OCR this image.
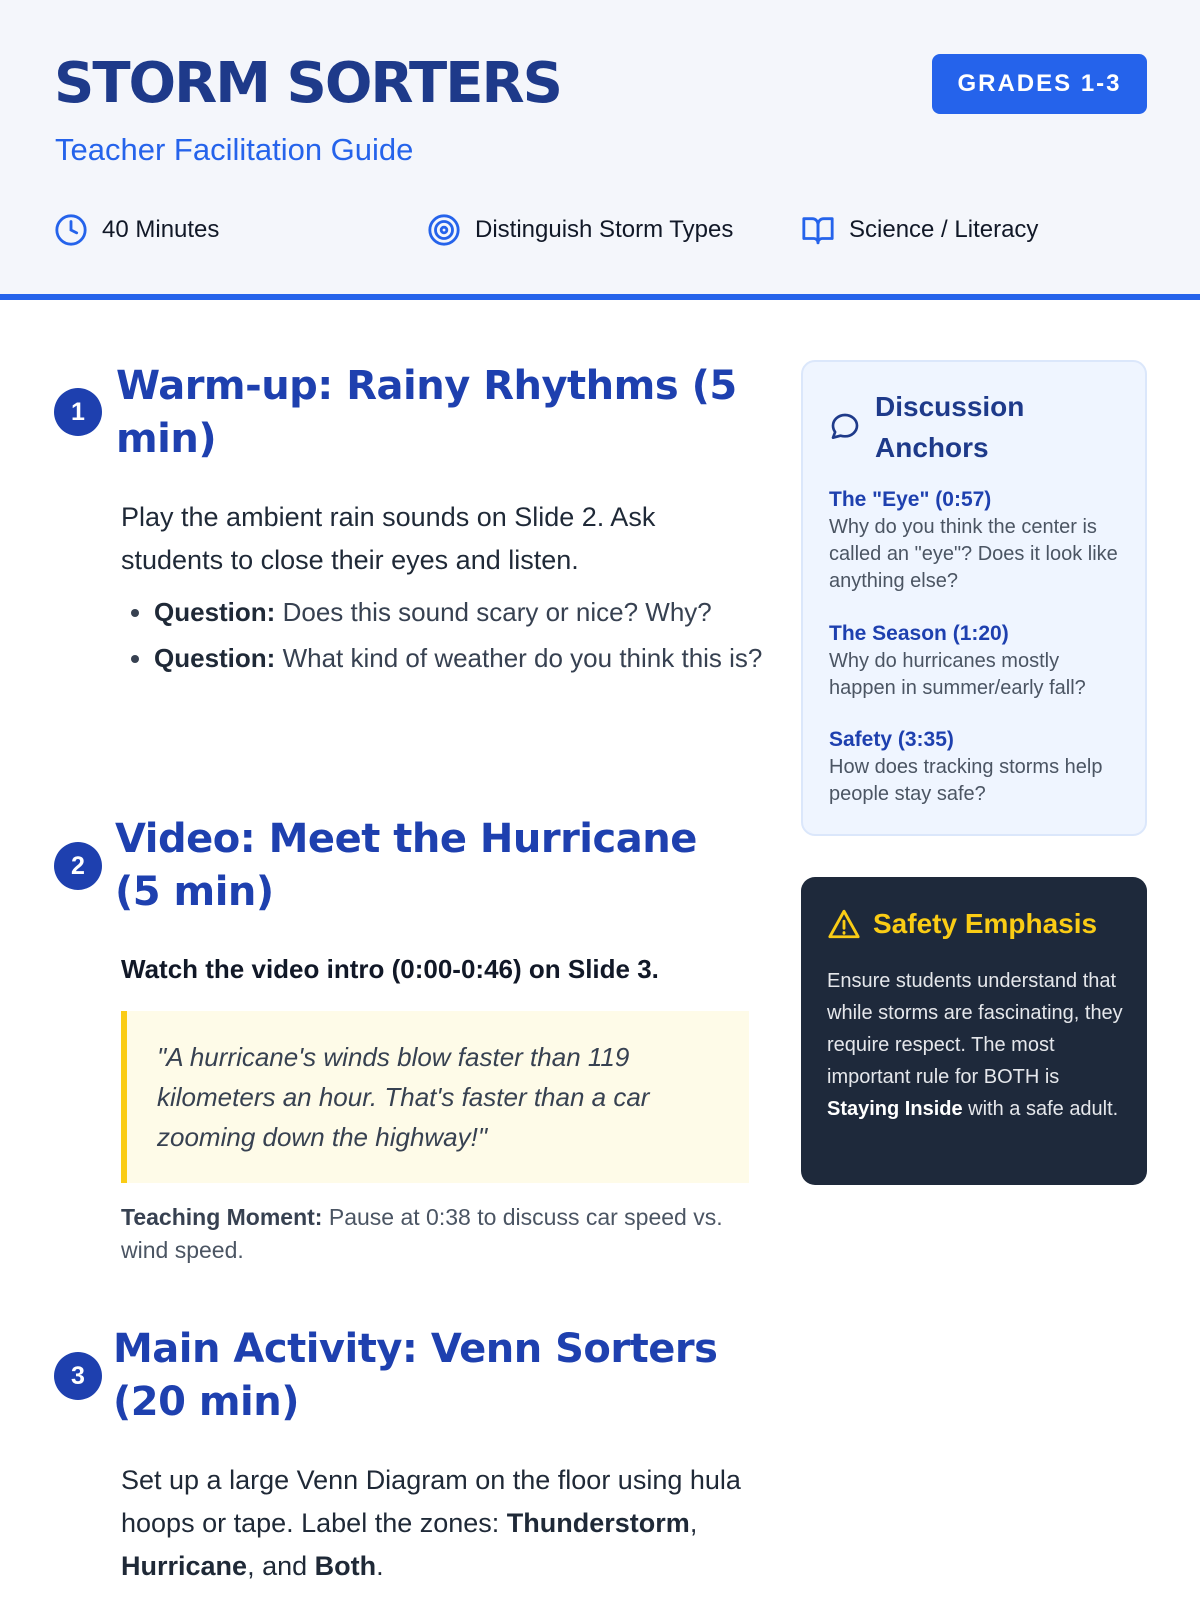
STORM SORTERS
Teacher Facilitation Guide
GRADES 1-3
40 Minutes	Distinguish Storm Types	Science / Literacy
1
Warm-up: Rainy Rhythms (5 min)

Play the ambient rain sounds on Slide 2. Ask students to close their eyes and listen.

• Question: Does this sound scary or nice? Why?
• Question: What kind of weather do you think this is?
2
Video: Meet the Hurricane (5 min)

Watch the video intro (0:00-0:46) on Slide 3.

"A hurricane's winds blow faster than 119 kilometers an hour. That's faster than a car zooming down the highway!"

Teaching Moment: Pause at 0:38 to discuss car speed vs. wind speed.

3
Main Activity: Venn Sorters (20 min)

Set up a large Venn Diagram on the floor using hula hoops or tape. Label the zones: Thunderstorm, Hurricane, and Both.

Discussion Anchors
The "Eye" (0:57)
Why do you think the center is called an "eye"? Does it look like anything else?
The Season (1:20)
Why do hurricanes mostly happen in summer/early fall?
Safety (3:35)
How does tracking storms help people stay safe?
Safety Emphasis

Ensure students understand that while storms are fascinating, they require respect. The most important rule for BOTH is Staying Inside with a safe adult.
